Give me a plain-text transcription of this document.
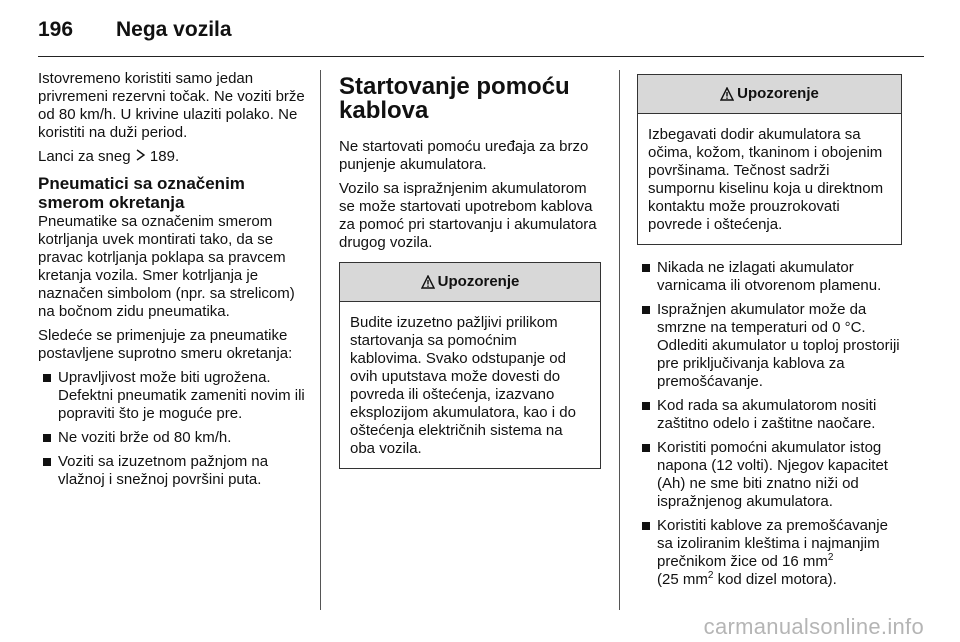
196 Nega vozila

Istovremeno koristiti samo jedan privremeni rezervni točak. Ne voziti brže od 80 km/h. U krivine ulaziti polako. Ne koristiti na duži period.

Lanci za sneg 189.

Pneumatici sa označenim smerom okretanja

Pneumatike sa označenim smerom kotrljanja uvek montirati tako, da se pravac kotrljanja poklapa sa pravcem kretanja vozila. Smer kotrljanja je naznačen simbolom (npr. sa strelicom) na bočnom zidu pneumatika.

Sledeće se primenjuje za pneumatike postavljene suprotno smeru okretanja:

Upravljivost može biti ugrožena. Defektni pneumatik zameniti novim ili popraviti što je moguće pre.
Ne voziti brže od 80 km/h.
Voziti sa izuzetnom pažnjom na vlažnoj i snežnoj površini puta.
Startovanje pomoću kablova

Ne startovati pomoću uređaja za brzo punjenje akumulatora.

Vozilo sa ispražnjenim akumulatorom se može startovati upotrebom kablova za pomoć pri startovanju i akumulatora drugog vozila.

Upozorenje
Budite izuzetno pažljivi prilikom startovanja sa pomoćnim kablovima. Svako odstupanje od ovih uputstava može dovesti do povreda ili oštećenja, izazvano eksplozijom akumulatora, kao i do oštećenja električnih sistema na oba vozila.
Upozorenje
Izbegavati dodir akumulatora sa očima, kožom, tkaninom i obojenim površinama. Tečnost sadrži sumpornu kiselinu koja u direktnom kontaktu može prouzrokovati povrede i oštećenja.
Nikada ne izlagati akumulator varnicama ili otvorenom plamenu.
Ispražnjen akumulator može da smrzne na temperaturi od 0 °C. Odlediti akumulator u toploj prostoriji pre priključivanja kablova za premošćavanje.
Kod rada sa akumulatorom nositi zaštitno odelo i zaštitne naočare.
Koristiti pomoćni akumulator istog napona (12 volti). Njegov kapacitet (Ah) ne sme biti znatno niži od ispražnjenog akumulatora.
Koristiti kablove za premošćavanje sa izoliranim kleštima i najmanjim prečnikom žice od 16 $mm^2$
(25 $mm^2$ kod dizel motora).
carmanualsonline.info
